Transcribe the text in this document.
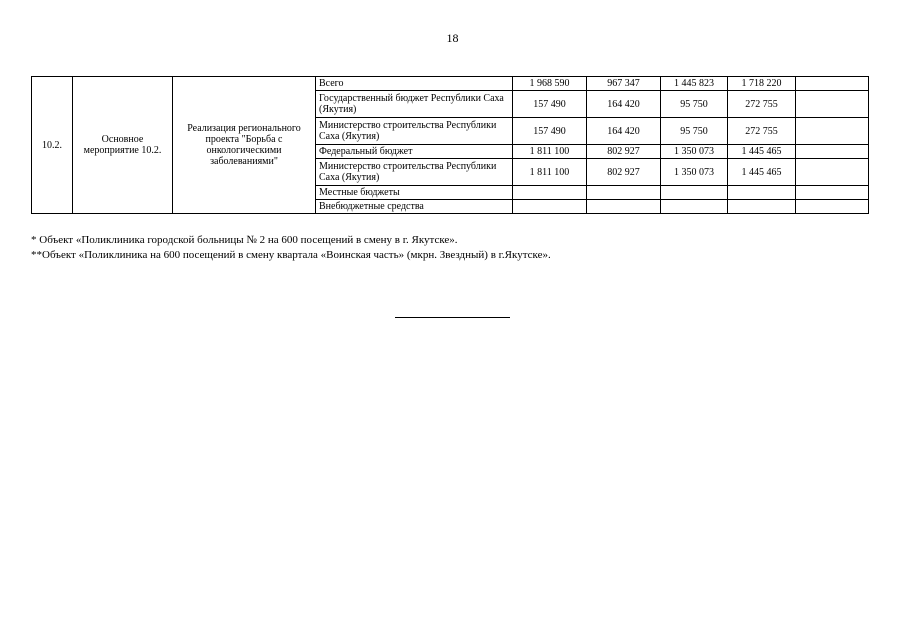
18
10.2.	Основное мероприятие 10.2.	Реализация регионального проекта "Борьба с онкологическими заболеваниями"	Всего	1 968 590	967 347	1 445 823	1 718 220	
			Государственный бюджет Республики Саха (Якутия)	157 490	164 420	95 750	272 755	
			Министерство строительства Республики Саха (Якутия)	157 490	164 420	95 750	272 755	
			Федеральный бюджет	1 811 100	802 927	1 350 073	1 445 465	
			Министерство строительства Республики Саха (Якутия)	1 811 100	802 927	1 350 073	1 445 465	
			Местные бюджеты					
			Внебюджетные средства					

* Объект «Поликлиника городской больницы № 2 на 600 посещений в смену в г. Якутске».

**Объект «Поликлиника на 600 посещений в смену квартала «Воинская часть» (мкрн. Звездный) в г.Якутске».
